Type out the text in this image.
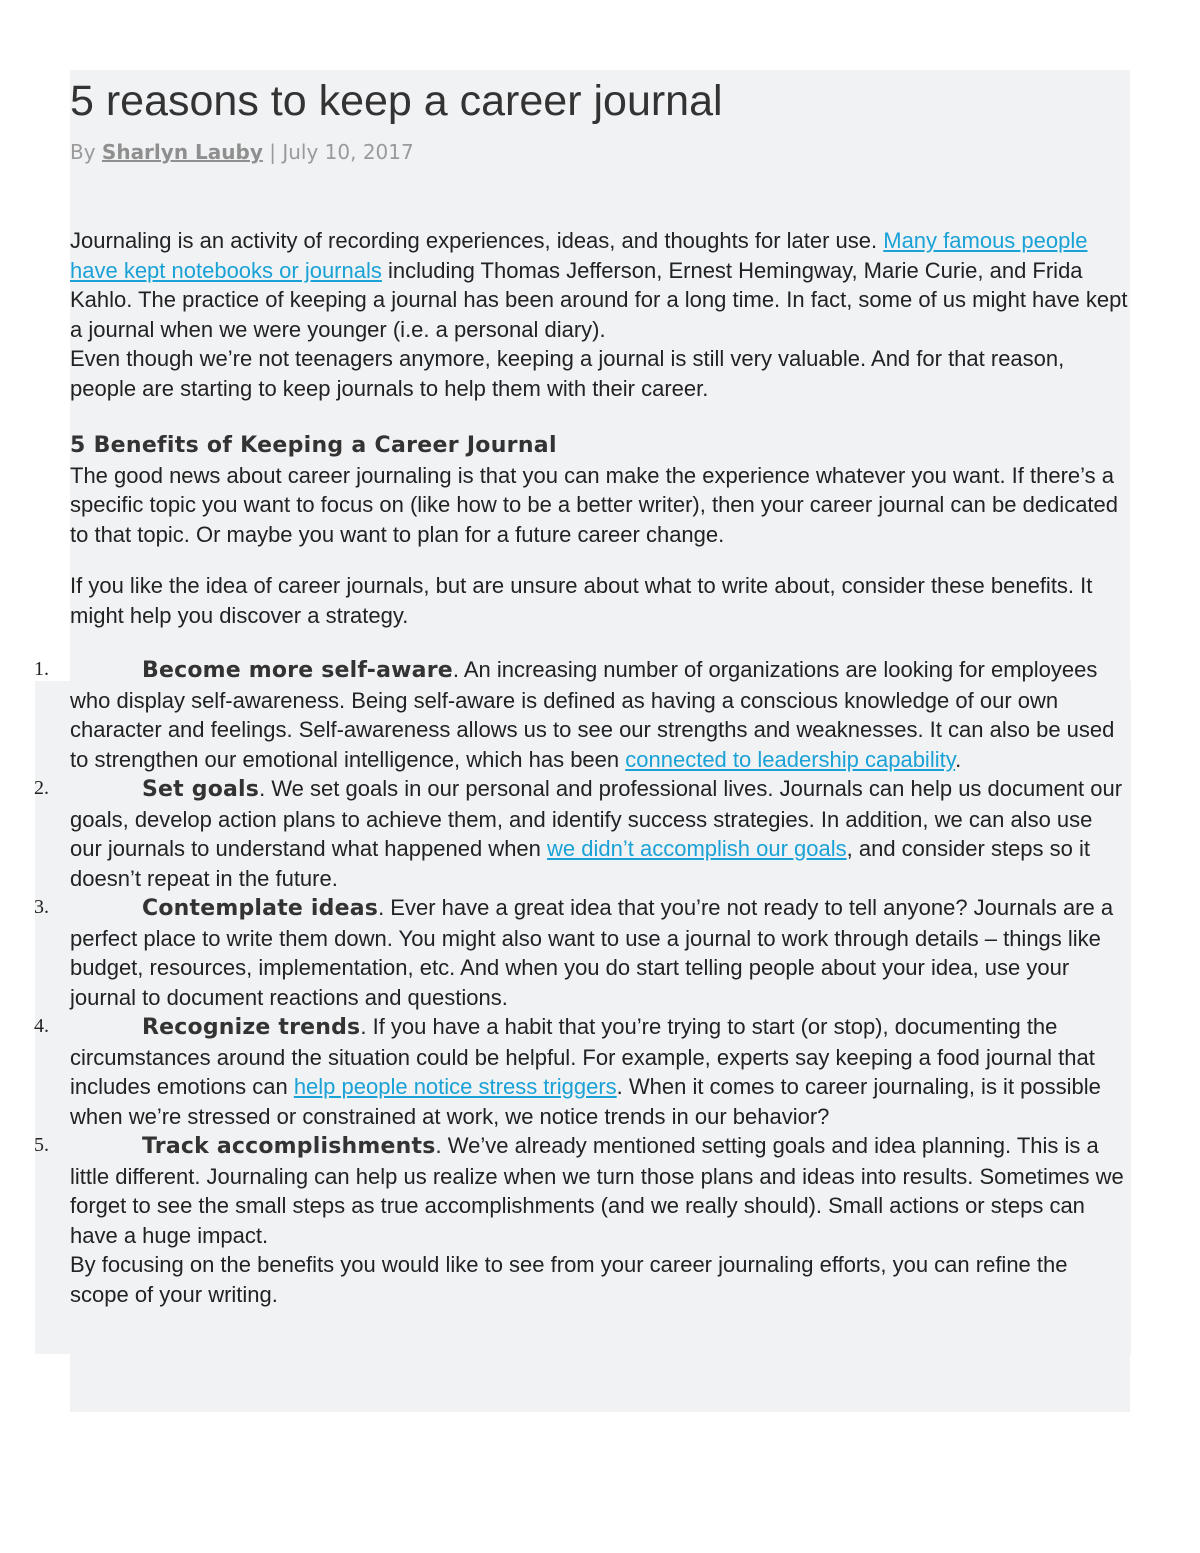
5 reasons to keep a career journal
By Sharlyn Lauby | July 10, 2017

Journaling is an activity of recording experiences, ideas, and thoughts for later use. Many famous people have kept notebooks or journals including Thomas Jefferson, Ernest Hemingway, Marie Curie, and Frida Kahlo. The practice of keeping a journal has been around for a long time. In fact, some of us might have kept a journal when we were younger (i.e. a personal diary).

Even though we’re not teenagers anymore, keeping a journal is still very valuable. And for that reason, people are starting to keep journals to help them with their career.

5 Benefits of Keeping a Career Journal

The good news about career journaling is that you can make the experience whatever you want. If there’s a specific topic you want to focus on (like how to be a better writer), then your career journal can be dedicated to that topic. Or maybe you want to plan for a future career change.

If you like the idea of career journals, but are unsure about what to write about, consider these benefits. It might help you discover a strategy.

1.	Become more self-aware. An increasing number of organizations are looking for employees who display self-awareness. Being self-aware is defined as having a conscious knowledge of our own character and feelings. Self-awareness allows us to see our strengths and weaknesses. It can also be used to strengthen our emotional intelligence, which has been connected to leadership capability.
2.	Set goals. We set goals in our personal and professional lives. Journals can help us document our goals, develop action plans to achieve them, and identify success strategies. In addition, we can also use our journals to understand what happened when we didn’t accomplish our goals, and consider steps so it doesn’t repeat in the future.
3.	Contemplate ideas. Ever have a great idea that you’re not ready to tell anyone? Journals are a perfect place to write them down. You might also want to use a journal to work through details – things like budget, resources, implementation, etc. And when you do start telling people about your idea, use your journal to document reactions and questions.
4.	Recognize trends. If you have a habit that you’re trying to start (or stop), documenting the circumstances around the situation could be helpful. For example, experts say keeping a food journal that includes emotions can help people notice stress triggers. When it comes to career journaling, is it possible when we’re stressed or constrained at work, we notice trends in our behavior?
5.	Track accomplishments. We’ve already mentioned setting goals and idea planning. This is a little different. Journaling can help us realize when we turn those plans and ideas into results. Sometimes we forget to see the small steps as true accomplishments (and we really should). Small actions or steps can have a huge impact.

By focusing on the benefits you would like to see from your career journaling efforts, you can refine the scope of your writing.
